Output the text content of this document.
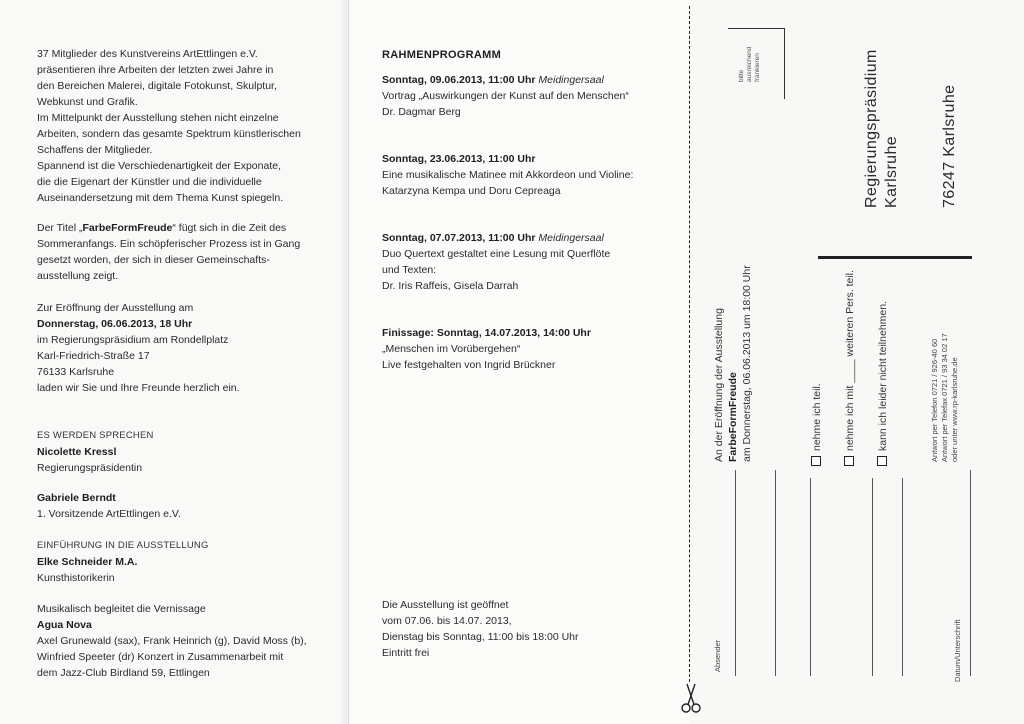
37 Mitglieder des Kunstvereins ArtEttlingen e.V.
präsentieren ihre Arbeiten der letzten zwei Jahre in
den Bereichen Malerei, digitale Fotokunst, Skulptur,
Webkunst und Grafik.
Im Mittelpunkt der Ausstellung stehen nicht einzelne
Arbeiten, sondern das gesamte Spektrum künstlerischen
Schaffens der Mitglieder.
Spannend ist die Verschiedenartigkeit der Exponate,
die die Eigenart der Künstler und die individuelle
Auseinandersetzung mit dem Thema Kunst spiegeln.
Der Titel „FarbeFormFreude“ fügt sich in die Zeit des
Sommeranfangs. Ein schöpferischer Prozess ist in Gang
gesetzt worden, der sich in dieser Gemeinschafts-
ausstellung zeigt.
Zur Eröffnung der Ausstellung am
Donnerstag, 06.06.2013, 18 Uhr
im Regierungspräsidium am Rondellplatz
Karl-Friedrich-Straße 17
76133 Karlsruhe
laden wir Sie und Ihre Freunde herzlich ein.
ES WERDEN SPRECHEN
Nicolette Kressl
Regierungspräsidentin
Gabriele Berndt
1. Vorsitzende ArtEttlingen e.V.
EINFÜHRUNG IN DIE AUSSTELLUNG
Elke Schneider M.A.
Kunsthistorikerin
Musikalisch begleitet die Vernissage
Agua Nova
Axel Grunewald (sax), Frank Heinrich (g), David Moss (b),
Winfried Speeter (dr) Konzert in Zusammenarbeit mit
dem Jazz-Club Birdland 59, Ettlingen
RAHMENPROGRAMM
Sonntag, 09.06.2013, 11:00 Uhr Meidingersaal
Vortrag „Auswirkungen der Kunst auf den Menschen“
Dr. Dagmar Berg
Sonntag, 23.06.2013, 11:00 Uhr
Eine musikalische Matinee mit Akkordeon und Violine:
Katarzyna Kempa und Doru Cepreaga
Sonntag, 07.07.2013, 11:00 Uhr Meidingersaal
Duo Quertext gestaltet eine Lesung mit Querflöte
und Texten:
Dr. Iris Raffeis, Gisela Darrah
Finissage: Sonntag, 14.07.2013, 14:00 Uhr
„Menschen im Vorübergehen“
Live festgehalten von Ingrid Brückner
Die Ausstellung ist geöffnet
vom 07.06. bis 14.07. 2013,
Dienstag bis Sonntag, 11:00 bis 18:00 Uhr
Eintritt frei
bitte ausreichend frankieren	Regierungspräsidium Karlsruhe	76247 Karlsruhe
An der Eröffnung der Ausstellung FarbeFormFreude am Donnerstag, 06.06.2013 um 18:00 Uhr	nehme ich teil. nehme ich mit ____ weiteren Pers. teil. kann ich leider nicht teilnehmen.	Antwort per Telefon 0721 / 926-40 60 Antwort per Telefax 0721 / 93 34 02 17 oder unter www.rp-karlsruhe.de
Absender	Datum/Unterschrift
